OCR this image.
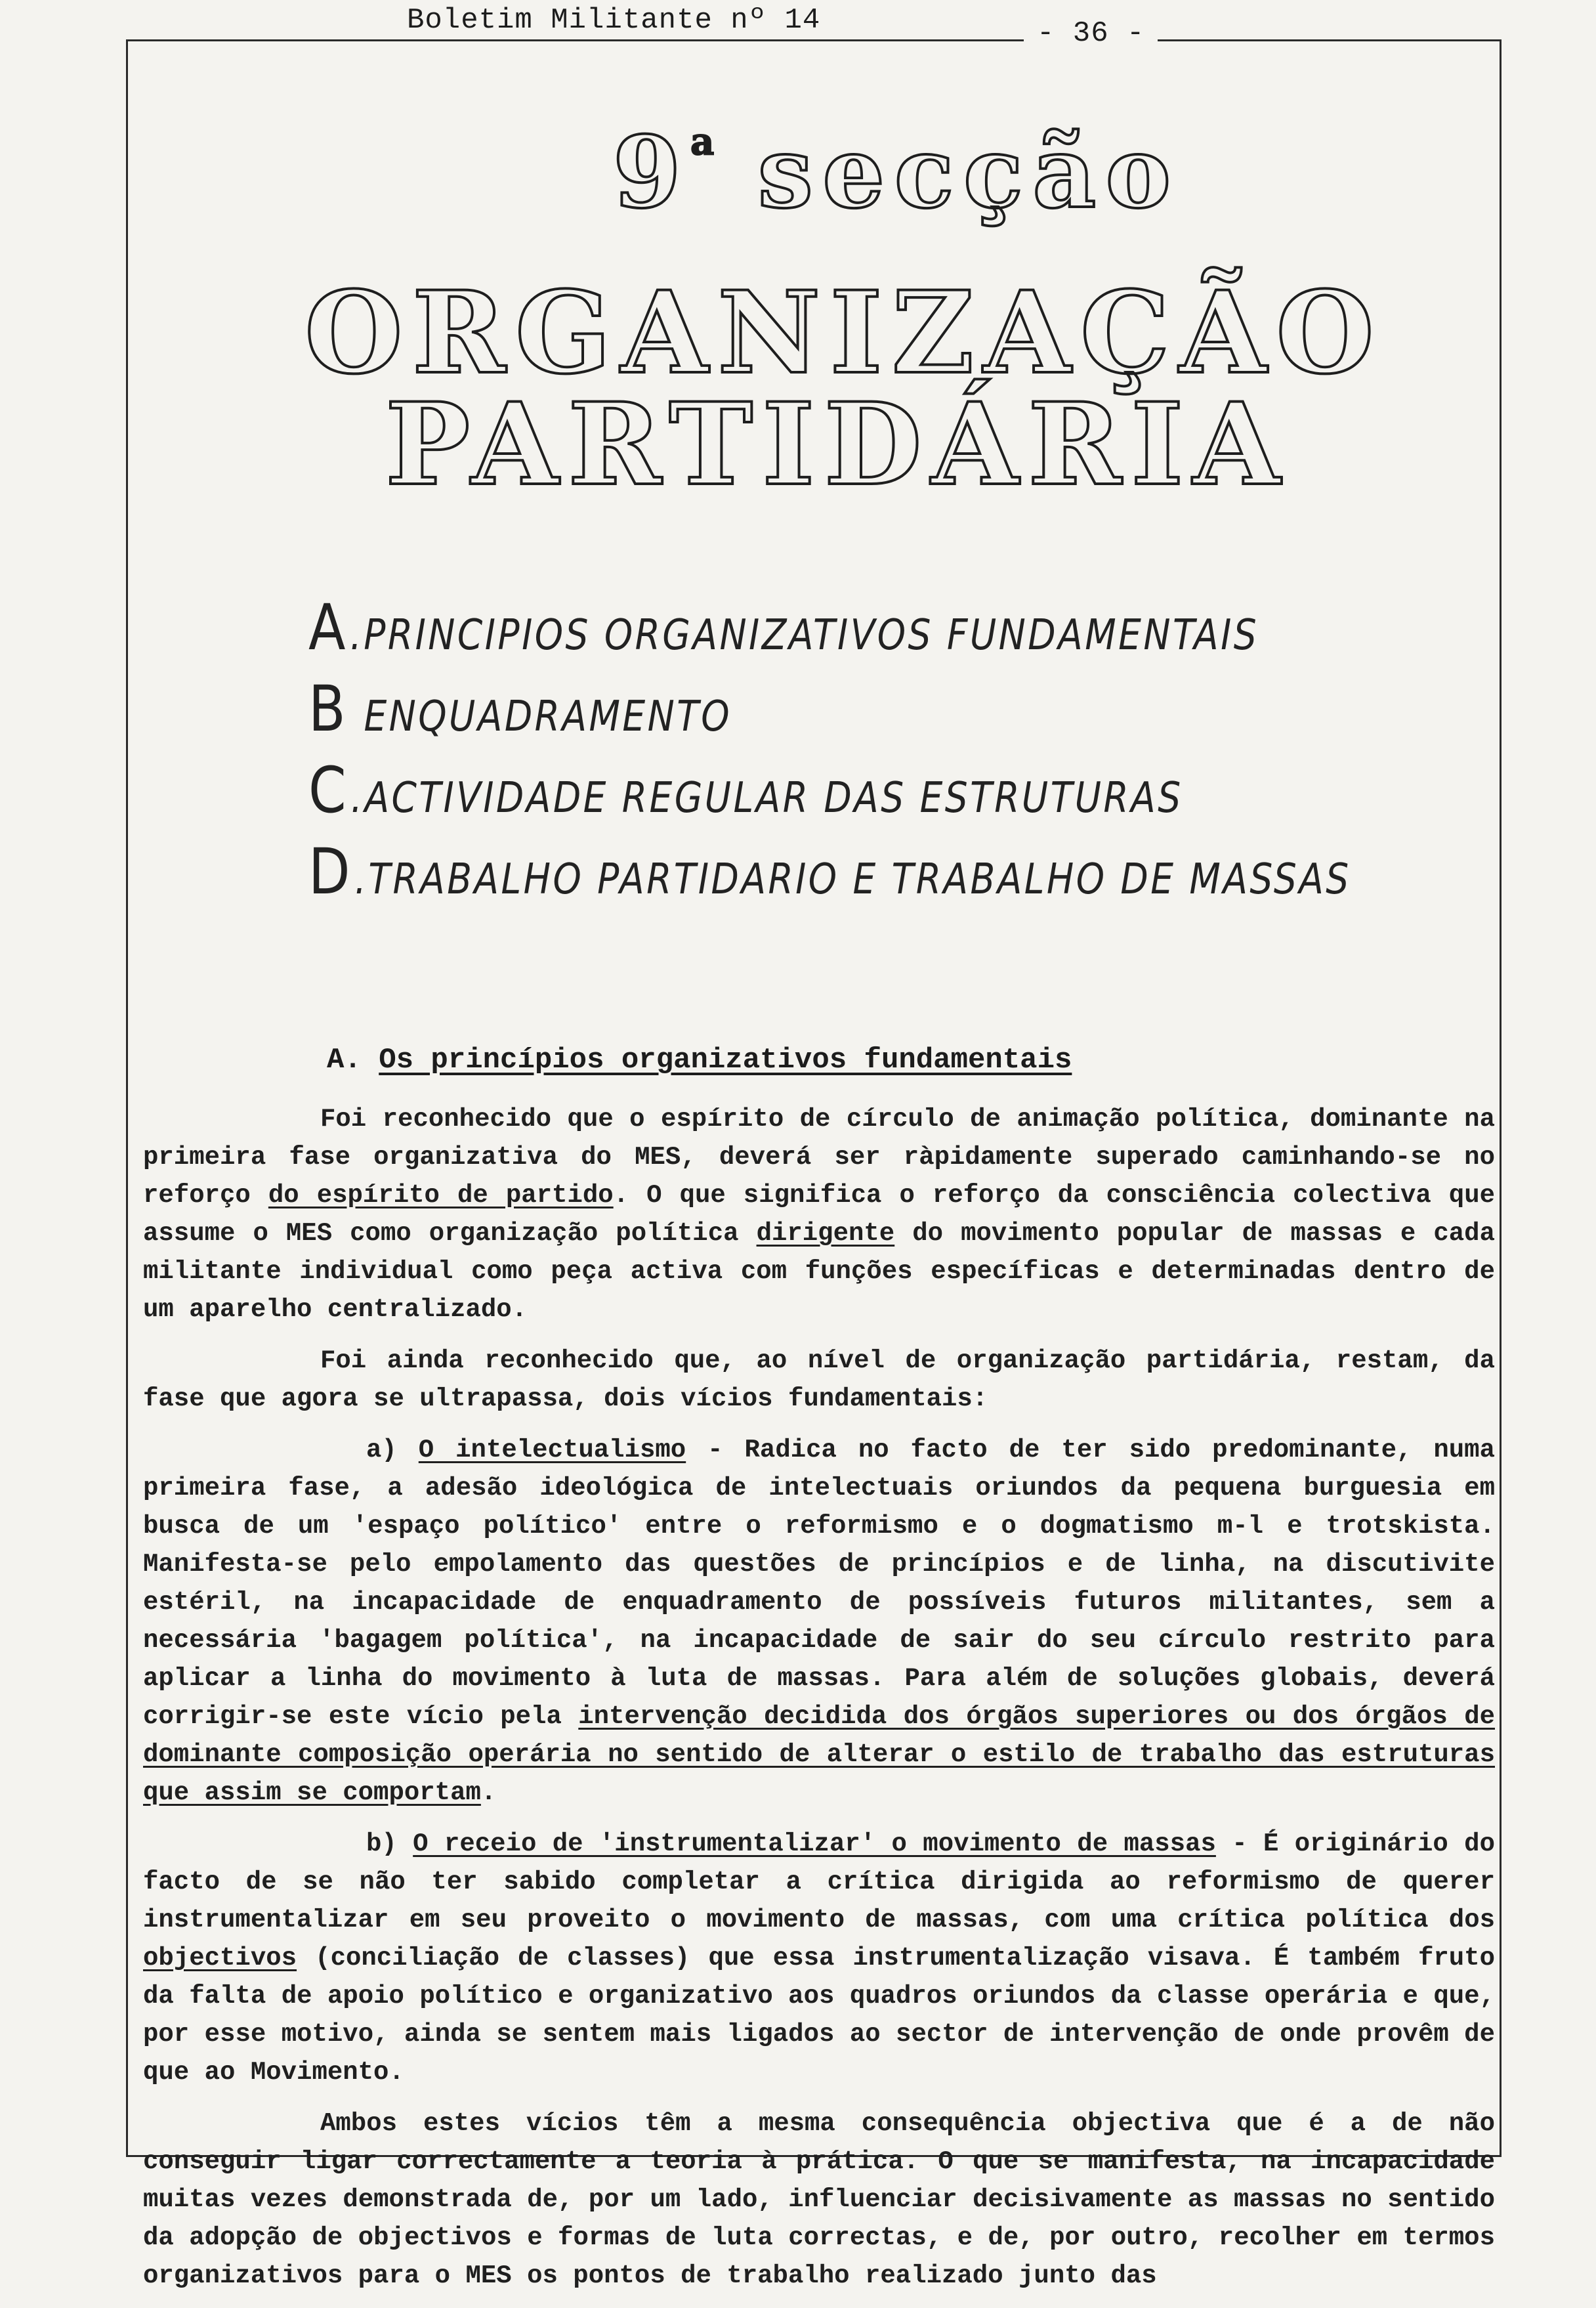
Boletim Militante nº 14	- 36 -
9$^a$ secção
ORGANIZAÇÃO
PARTIDÁRIA
A.PRINCIPIOS ORGANIZATIVOS FUNDAMENTAIS
B ENQUADRAMENTO
C.ACTIVIDADE REGULAR DAS ESTRUTURAS
D.TRABALHO PARTIDARIO E TRABALHO DE MASSAS
A. Os princípios organizativos fundamentais

Foi reconhecido que o espírito de círculo de animação política, dominante na primeira fase organizativa do MES, deverá ser ràpidamente superado caminhando-se no reforço do espírito de partido. O que significa o reforço da consciência colectiva que assume o MES como organização política dirigente do movimento popular de massas e cada militante individual como peça activa com funções específicas e determinadas dentro de um aparelho centralizado.

Foi ainda reconhecido que, ao nível de organização partidária, restam, da fase que agora se ultrapassa, dois vícios fundamentais:

a) O intelectualismo - Radica no facto de ter sido predominante, numa primeira fase, a adesão ideológica de intelectuais oriundos da pequena burguesia em busca de um 'espaço político' entre o reformismo e o dogmatismo m-l e trotskista. Manifesta-se pelo empolamento das questões de princípios e de linha, na discutivite estéril, na incapacidade de enquadramento de possíveis futuros militantes, sem a necessária 'bagagem política', na incapacidade de sair do seu círculo restrito para aplicar a linha do movimento à luta de massas. Para além de soluções globais, deverá corrigir-se este vício pela intervenção decidida dos órgãos superiores ou dos órgãos de dominante composição operária no sentido de alterar o estilo de trabalho das estruturas que assim se comportam.

b) O receio de 'instrumentalizar' o movimento de massas - É originário do facto de se não ter sabido completar a crítica dirigida ao reformismo de querer instrumentalizar em seu proveito o movimento de massas, com uma crítica política dos objectivos (conciliação de classes) que essa instrumentalização visava. É também fruto da falta de apoio político e organizativo aos quadros oriundos da classe operária e que, por esse motivo, ainda se sentem mais ligados ao sector de intervenção de onde provêm de que ao Movimento.

Ambos estes vícios têm a mesma consequência objectiva que é a de não conseguir ligar correctamente a teoria à prática. O que se manifesta, na incapacidade muitas vezes demonstrada de, por um lado, influenciar decisivamente as massas no sentido da adopção de objectivos e formas de luta correctas, e de, por outro, recolher em termos organizativos para o MES os pontos de trabalho realizado junto das
